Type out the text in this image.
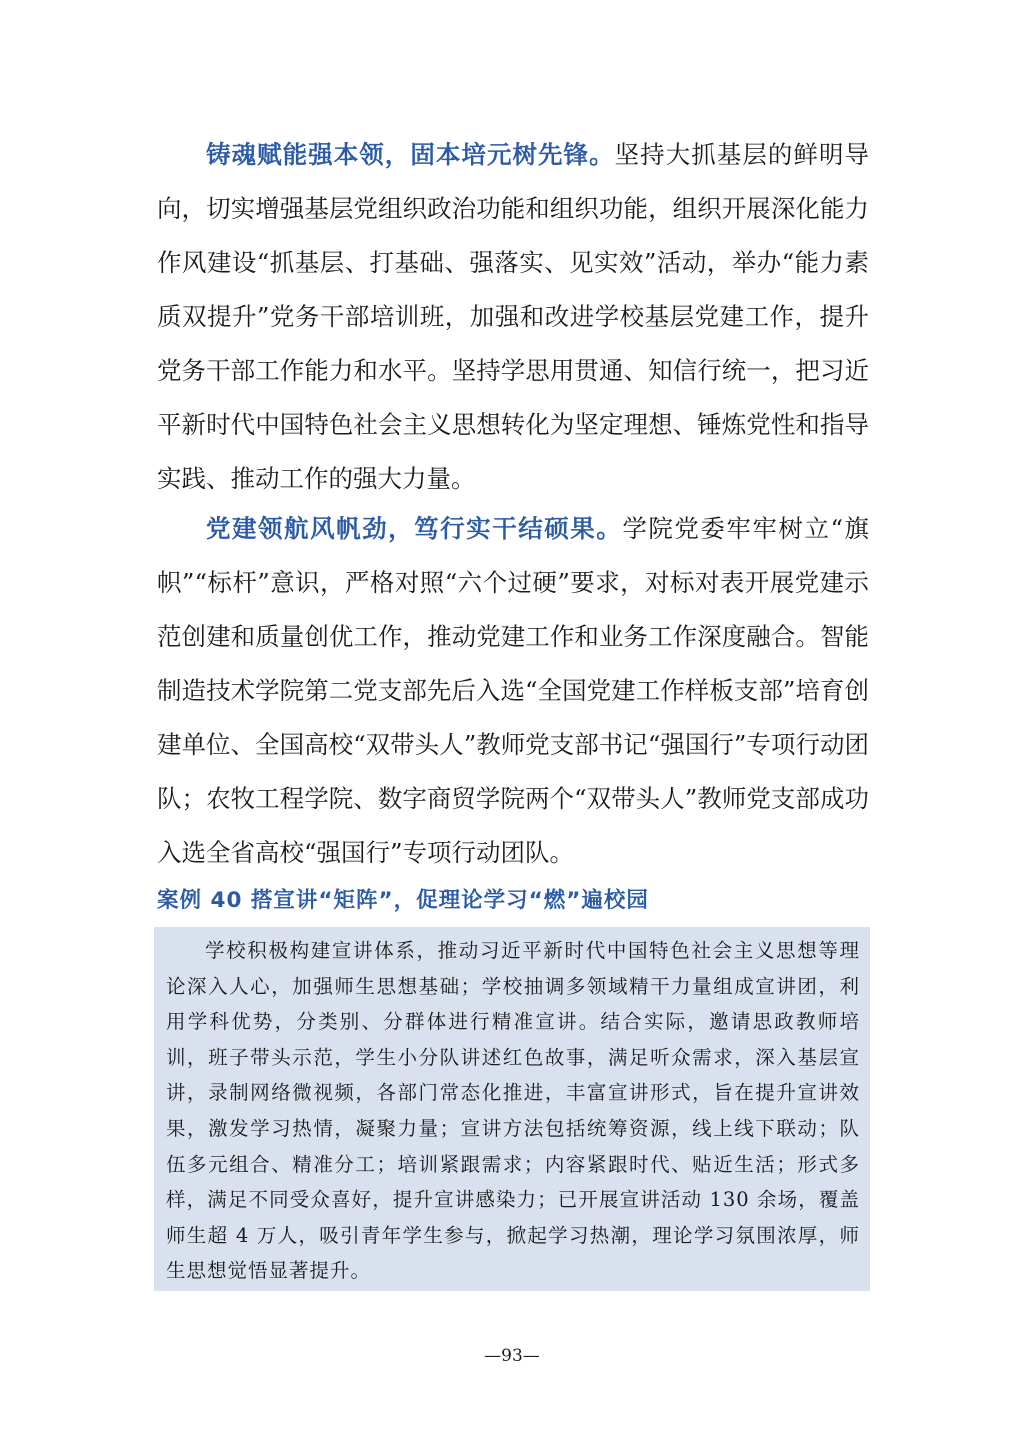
铸魂赋能强本领，固本培元树先锋。坚持大抓基层的鲜明导向，切实增强基层党组织政治功能和组织功能，组织开展深化能力作风建设“抓基层、打基础、强落实、见实效”活动，举办“能力素质双提升”党务干部培训班，加强和改进学校基层党建工作，提升党务干部工作能力和水平。坚持学思用贯通、知信行统一，把习近平新时代中国特色社会主义思想转化为坚定理想、锤炼党性和指导实践、推动工作的强大力量。

党建领航风帆劲，笃行实干结硕果。学院党委牢牢树立“旗帜”“标杆”意识，严格对照“六个过硬”要求，对标对表开展党建示范创建和质量创优工作，推动党建工作和业务工作深度融合。智能制造技术学院第二党支部先后入选“全国党建工作样板支部”培育创建单位、全国高校“双带头人”教师党支部书记“强国行”专项行动团队；农牧工程学院、数字商贸学院两个“双带头人”教师党支部成功入选全省高校“强国行”专项行动团队。

案例 40 搭宣讲“矩阵”，促理论学习“燃”遍校园

学校积极构建宣讲体系，推动习近平新时代中国特色社会主义思想等理论深入人心，加强师生思想基础；学校抽调多领域精干力量组成宣讲团，利用学科优势，分类别、分群体进行精准宣讲。结合实际，邀请思政教师培训，班子带头示范，学生小分队讲述红色故事，满足听众需求，深入基层宣讲，录制网络微视频，各部门常态化推进，丰富宣讲形式，旨在提升宣讲效果，激发学习热情，凝聚力量；宣讲方法包括统筹资源，线上线下联动；队伍多元组合、精准分工；培训紧跟需求；内容紧跟时代、贴近生活；形式多样，满足不同受众喜好，提升宣讲感染力；已开展宣讲活动 130 余场，覆盖师生超 4 万人，吸引青年学生参与，掀起学习热潮，理论学习氛围浓厚，师生思想觉悟显著提升。

—93—
